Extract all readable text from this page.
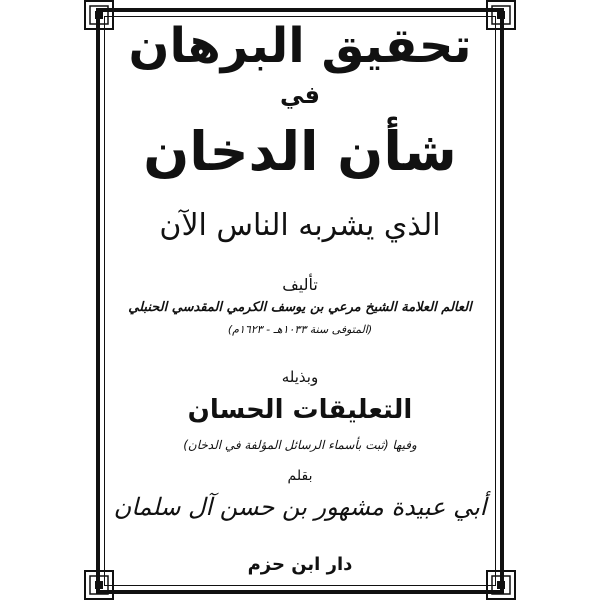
تحقيق البرهان
في
شأن الدخان
الذي يشربه الناس الآن
تأليف
العالم العلامة الشيخ مرعي بن يوسف الكرمي المقدسي الحنبلي
(المتوفى سنة ١٠٣٣هـ - ١٦٢٣م)
وبذيله
التعليقات الحسان
وفيها (ثبت بأسماء الرسائل المؤلفة في الدخان)
بقلم
أبي عبيدة مشهور بن حسن آل سلمان
دار ابن حزم
